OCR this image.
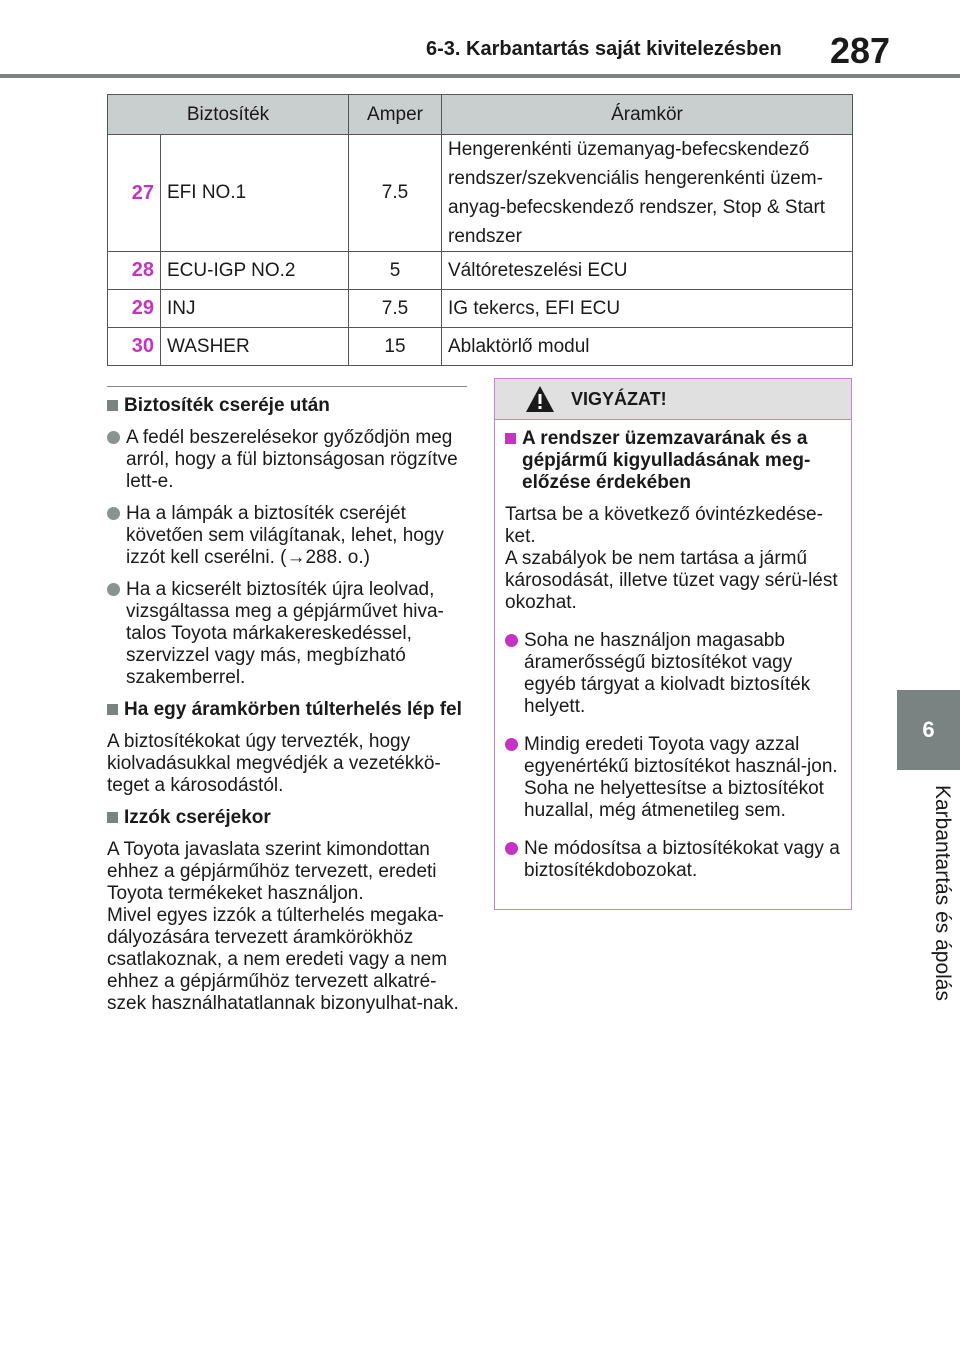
6-3. Karbantartás saját kivitelezésben 287
6
Karbantartás és ápolás
Biztosíték		Amper	Áramkör
27	EFI NO.1	7.5	Hengerenkénti üzemanyag-befecskendező rendszer/szekvenciális hengerenkénti üzem-anyag-befecskendező rendszer, Stop & Start rendszer
28	ECU-IGP NO.2	5	Váltóreteszelési ECU
29	INJ	7.5	IG tekercs, EFI ECU
30	WASHER	15	Ablaktörlő modul
Biztosíték cseréje után
A fedél beszerelésekor győződjön meg arról, hogy a fül biztonságosan rögzítve lett-e.
Ha a lámpák a biztosíték cseréjét követően sem világítanak, lehet, hogy izzót kell cserélni. (→288. o.)
Ha a kicserélt biztosíték újra leolvad, vizsgáltassa meg a gépjárművet hiva-talos Toyota márkakereskedéssel, szervizzel vagy más, megbízható szakemberrel.
Ha egy áramkörben túlterhelés lép fel
A biztosítékokat úgy tervezték, hogy kiolvadásukkal megvédjék a vezetékkö-teget a károsodástól.
Izzók cseréjekor
A Toyota javaslata szerint kimondottan ehhez a gépjárműhöz tervezett, eredeti Toyota termékeket használjon.
Mivel egyes izzók a túlterhelés megaka-dályozására tervezett áramkörökhöz csatlakoznak, a nem eredeti vagy a nem ehhez a gépjárműhöz tervezett alkatré-szek használhatatlannak bizonyulhat-nak.
VIGYÁZAT!
A rendszer üzemzavarának és a gépjármű kigyulladásának meg-előzése érdekében
Tartsa be a következő óvintézkedése-ket.
A szabályok be nem tartása a jármű károsodását, illetve tüzet vagy sérü-lést okozhat.
Soha ne használjon magasabb áramerősségű biztosítékot vagy egyéb tárgyat a kiolvadt biztosíték helyett.
Mindig eredeti Toyota vagy azzal egyenértékű biztosítékot használ-jon.
Soha ne helyettesítse a biztosítékot huzallal, még átmenetileg sem.
Ne módosítsa a biztosítékokat vagy a biztosítékdobozokat.
